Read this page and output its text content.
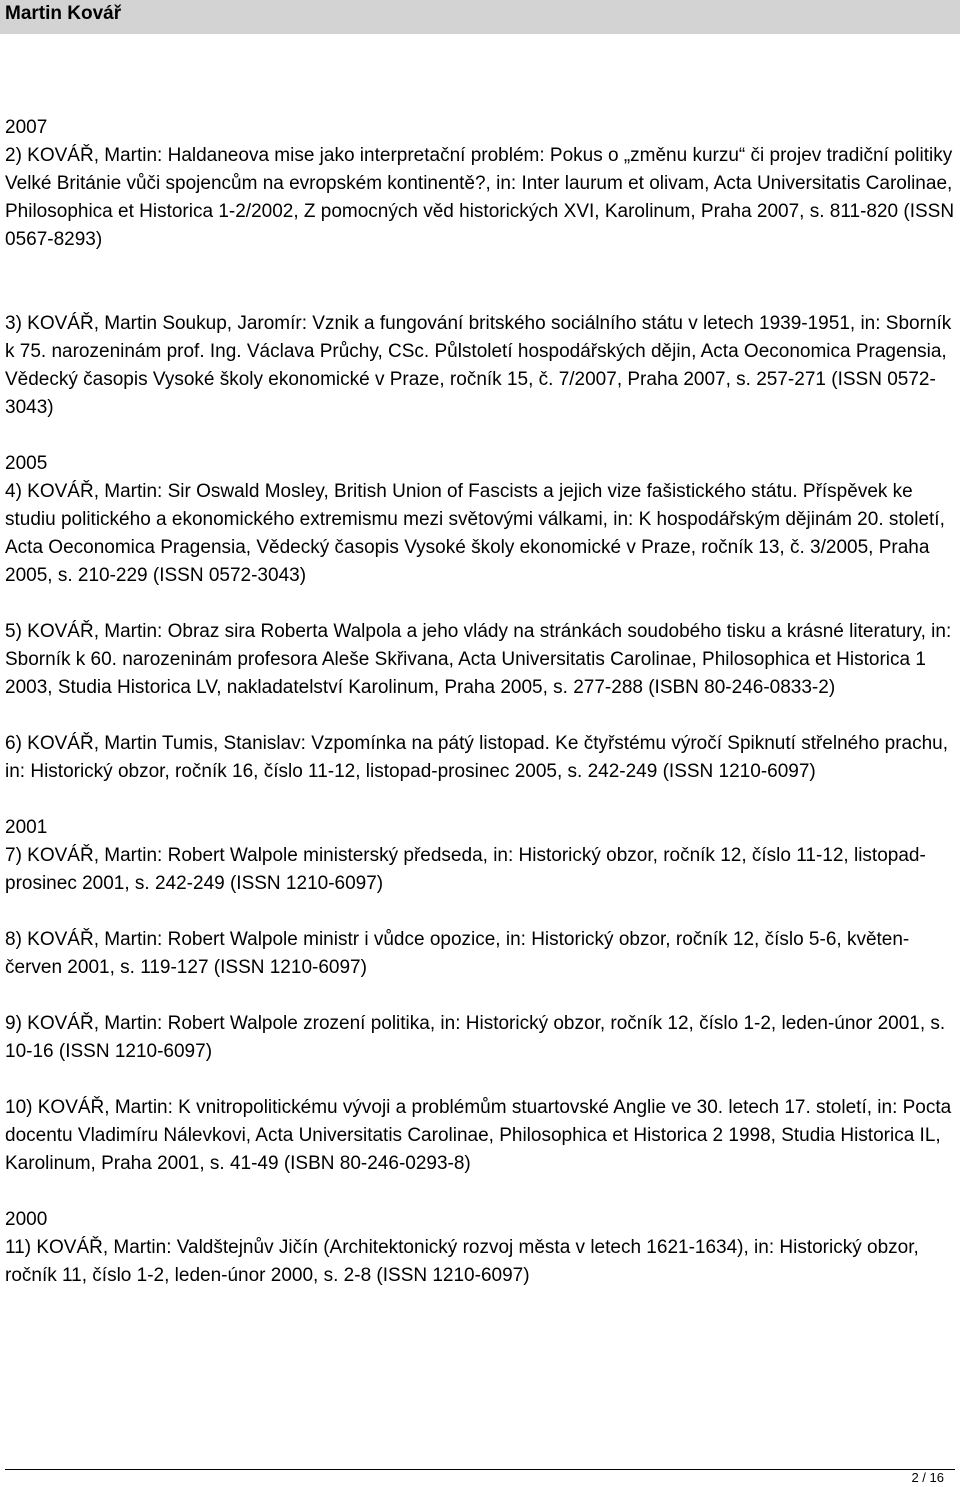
Martin Kovář

2007

2) KOVÁŘ, Martin: Haldaneova mise jako interpretační problém: Pokus o „změnu kurzu“ či projev tradiční politiky Velké Británie vůči spojencům na evropském kontinentě?, in: Inter laurum et olivam, Acta Universitatis Carolinae, Philosophica et Historica 1-2/2002, Z pomocných věd historických XVI, Karolinum, Praha 2007, s. 811-820 (ISSN 0567-8293)

3) KOVÁŘ, Martin Soukup, Jaromír: Vznik a fungování britského sociálního státu v letech 1939-1951, in: Sborník k 75. narozeninám prof. Ing. Václava Průchy, CSc. Půlstoletí hospodářských dějin, Acta Oeconomica Pragensia, Vědecký časopis Vysoké školy ekonomické v Praze, ročník 15, č. 7/2007, Praha 2007, s. 257-271 (ISSN 0572-3043)

2005

4) KOVÁŘ, Martin: Sir Oswald Mosley, British Union of Fascists a jejich vize fašistického státu. Příspěvek ke studiu politického a ekonomického extremismu mezi světovými válkami, in: K hospodářským dějinám 20. století, Acta Oeconomica Pragensia, Vědecký časopis Vysoké školy ekonomické v Praze, ročník 13, č. 3/2005, Praha 2005, s. 210-229 (ISSN 0572-3043)

5) KOVÁŘ, Martin: Obraz sira Roberta Walpola a jeho vlády na stránkách soudobého tisku a krásné literatury, in: Sborník k 60. narozeninám profesora Aleše Skřivana, Acta Universitatis Carolinae, Philosophica et Historica 1 2003, Studia Historica LV, nakladatelství Karolinum, Praha 2005, s. 277-288 (ISBN 80-246-0833-2)

6) KOVÁŘ, Martin Tumis, Stanislav: Vzpomínka na pátý listopad. Ke čtyřstému výročí Spiknutí střelného prachu, in: Historický obzor, ročník 16, číslo 11-12, listopad-prosinec 2005, s. 242-249 (ISSN 1210-6097)

2001

7) KOVÁŘ, Martin: Robert Walpole ministerský předseda, in: Historický obzor, ročník 12, číslo 11-12, listopad-prosinec 2001, s. 242-249 (ISSN 1210-6097)

8) KOVÁŘ, Martin: Robert Walpole ministr i vůdce opozice, in: Historický obzor, ročník 12, číslo 5-6, květen-červen 2001, s. 119-127 (ISSN 1210-6097)

9) KOVÁŘ, Martin: Robert Walpole zrození politika, in: Historický obzor, ročník 12, číslo 1-2, leden-únor 2001, s. 10-16 (ISSN 1210-6097)

10) KOVÁŘ, Martin: K vnitropolitickému vývoji a problémům stuartovské Anglie ve 30. letech 17. století, in: Pocta docentu Vladimíru Nálevkovi, Acta Universitatis Carolinae, Philosophica et Historica 2 1998, Studia Historica IL, Karolinum, Praha 2001, s. 41-49 (ISBN 80-246-0293-8)

2000

11) KOVÁŘ, Martin: Valdštejnův Jičín (Architektonický rozvoj města v letech 1621-1634), in: Historický obzor, ročník 11, číslo 1-2, leden-únor 2000, s. 2-8 (ISSN 1210-6097)

2 / 16
